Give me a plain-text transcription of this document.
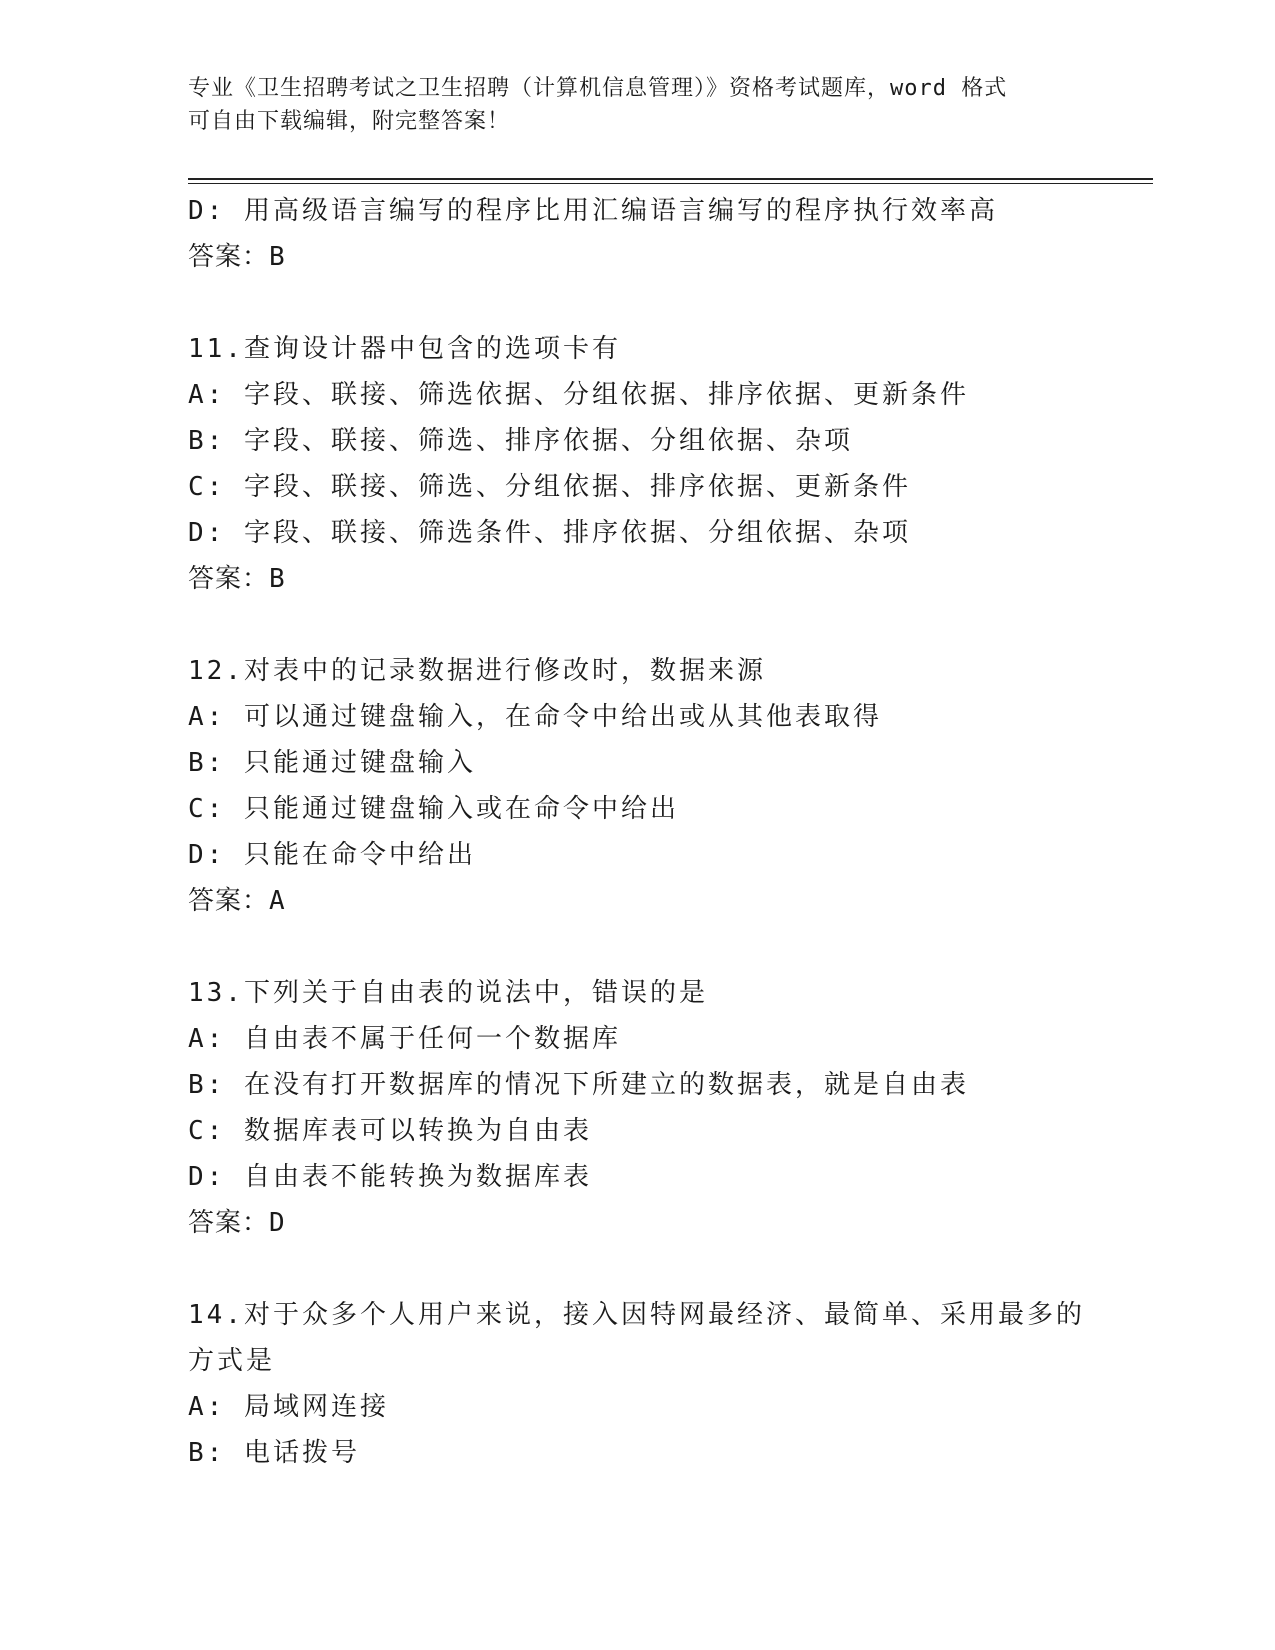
专业《卫生招聘考试之卫生招聘（计算机信息管理）》资格考试题库，word 格式
可自由下载编辑，附完整答案！
D: 用高级语言编写的程序比用汇编语言编写的程序执行效率高
答案：B
11.查询设计器中包含的选项卡有
A: 字段、联接、筛选依据、分组依据、排序依据、更新条件
B: 字段、联接、筛选、排序依据、分组依据、杂项
C: 字段、联接、筛选、分组依据、排序依据、更新条件
D: 字段、联接、筛选条件、排序依据、分组依据、杂项
答案：B
12.对表中的记录数据进行修改时，数据来源
A: 可以通过键盘输入，在命令中给出或从其他表取得
B: 只能通过键盘输入
C: 只能通过键盘输入或在命令中给出
D: 只能在命令中给出
答案：A
13.下列关于自由表的说法中，错误的是
A: 自由表不属于任何一个数据库
B: 在没有打开数据库的情况下所建立的数据表，就是自由表
C: 数据库表可以转换为自由表
D: 自由表不能转换为数据库表
答案：D
14.对于众多个人用户来说，接入因特网最经济、最简单、采用最多的
方式是
A: 局域网连接
B: 电话拨号
